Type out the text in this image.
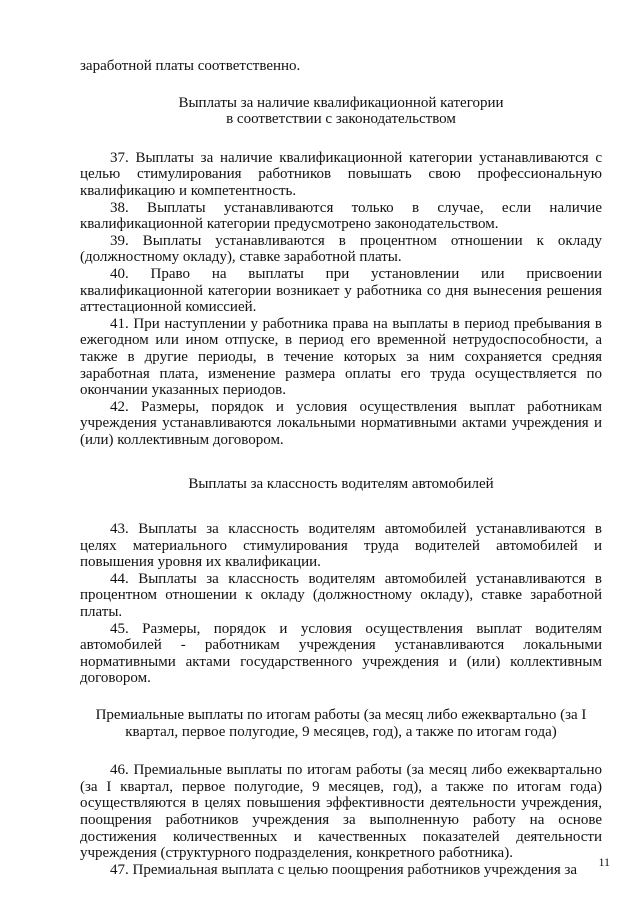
заработной платы соответственно.

Выплаты за наличие квалификационной категории
в соответствии с законодательством

37. Выплаты за наличие квалификационной категории устанавливаются с целью стимулирования работников повышать свою профессиональную квалификацию и компетентность.

38. Выплаты устанавливаются только в случае, если наличие квалификационной категории предусмотрено законодательством.

39. Выплаты устанавливаются в процентном отношении к окладу (должностному окладу), ставке заработной платы.

40. Право на выплаты при установлении или присвоении квалификационной категории возникает у работника со дня вынесения решения аттестационной комиссией.

41. При наступлении у работника права на выплаты в период пребывания в ежегодном или ином отпуске, в период его временной нетрудоспособности, а также в другие периоды, в течение которых за ним сохраняется средняя заработная плата, изменение размера оплаты его труда осуществляется по окончании указанных периодов.

42. Размеры, порядок и условия осуществления выплат работникам учреждения устанавливаются локальными нормативными актами учреждения и (или) коллективным договором.

Выплаты за классность водителям автомобилей

43. Выплаты за классность водителям автомобилей устанавливаются в целях материального стимулирования труда водителей автомобилей и повышения уровня их квалификации.

44. Выплаты за классность водителям автомобилей устанавливаются в процентном отношении к окладу (должностному окладу), ставке заработной платы.

45. Размеры, порядок и условия осуществления выплат водителям автомобилей - работникам учреждения устанавливаются локальными нормативными актами государственного учреждения и (или) коллективным договором.

Премиальные выплаты по итогам работы (за месяц либо ежеквартально (за I
квартал, первое полугодие, 9 месяцев, год), а также по итогам года)

46. Премиальные выплаты по итогам работы (за месяц либо ежеквартально (за I квартал, первое полугодие, 9 месяцев, год), а также по итогам года) осуществляются в целях повышения эффективности деятельности учреждения, поощрения работников учреждения за выполненную работу на основе достижения количественных и качественных показателей деятельности учреждения (структурного подразделения, конкретного работника).

47. Премиальная выплата с целью поощрения работников учреждения за	11
